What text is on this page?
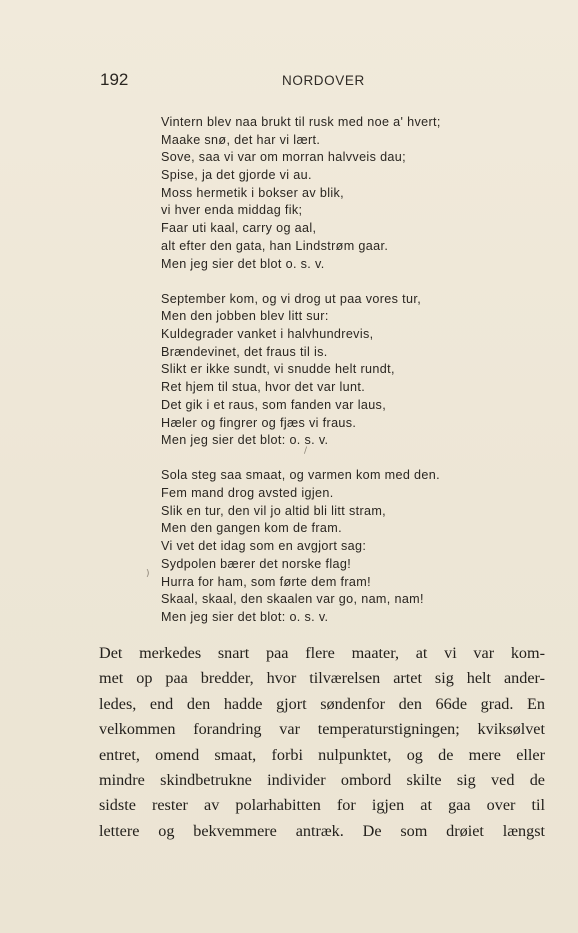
192	NORDOVER
Vintern blev naa brukt til rusk med noe a' hvert;
Maake snø, det har vi lært.
Sove, saa vi var om morran halvveis dau;
Spise, ja det gjorde vi au.
Moss hermetik i bokser av blik,
vi hver enda middag fik;
Faar uti kaal, carry og aal,
alt efter den gata, han Lindstrøm gaar.
Men jeg sier det blot o. s. v.
September kom, og vi drog ut paa vores tur,
Men den jobben blev litt sur:
Kuldegrader vanket i halvhundrevis,
Brændevinet, det fraus til is.
Slikt er ikke sundt, vi snudde helt rundt,
Ret hjem til stua, hvor det var lunt.
Det gik i et raus, som fanden var laus,
Hæler og fingrer og fjæs vi fraus.
Men jeg sier det blot: o. s. v.
Sola steg saa smaat, og varmen kom med den.
Fem mand drog avsted igjen.
Slik en tur, den vil jo altid bli litt stram,
Men den gangen kom de fram.
Vi vet det idag som en avgjort sag:
Sydpolen bærer det norske flag!
Hurra for ham, som førte dem fram!
Skaal, skaal, den skaalen var go, nam, nam!
Men jeg sier det blot: o. s. v.
/
)
Det merkedes snart paa flere maater, at vi var kom-
met op paa bredder, hvor tilværelsen artet sig helt ander-
ledes, end den hadde gjort søndenfor den 66de grad. En
velkommen forandring var temperaturstigningen; kviksølvet
entret, omend smaat, forbi nulpunktet, og de mere eller
mindre skindbetrukne individer ombord skilte sig ved de
sidste rester av polarhabitten for igjen at gaa over til
lettere og bekvemmere antræk. De som drøiet længst
